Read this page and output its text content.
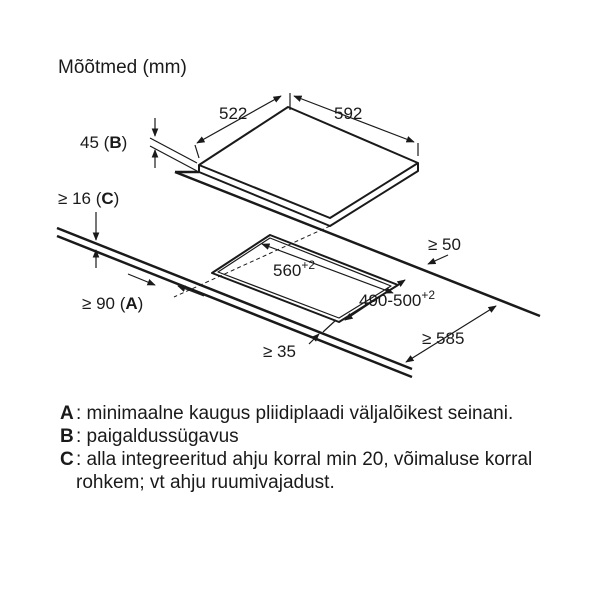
Mõõtmed (mm)
522	592
45 (B)
≥ 16 (C)
$560^{+2}$
$490-500^{+2}$
≥ 50
≥ 90 (A)
≥ 35
≥ 585
A : minimaalne kaugus pliidiplaadi väljalõikest seinani.
B : paigaldussügavus
C : alla integreeritud ahju korral min 20, võimaluse korral rohkem; vt ahju ruumivajadust.
